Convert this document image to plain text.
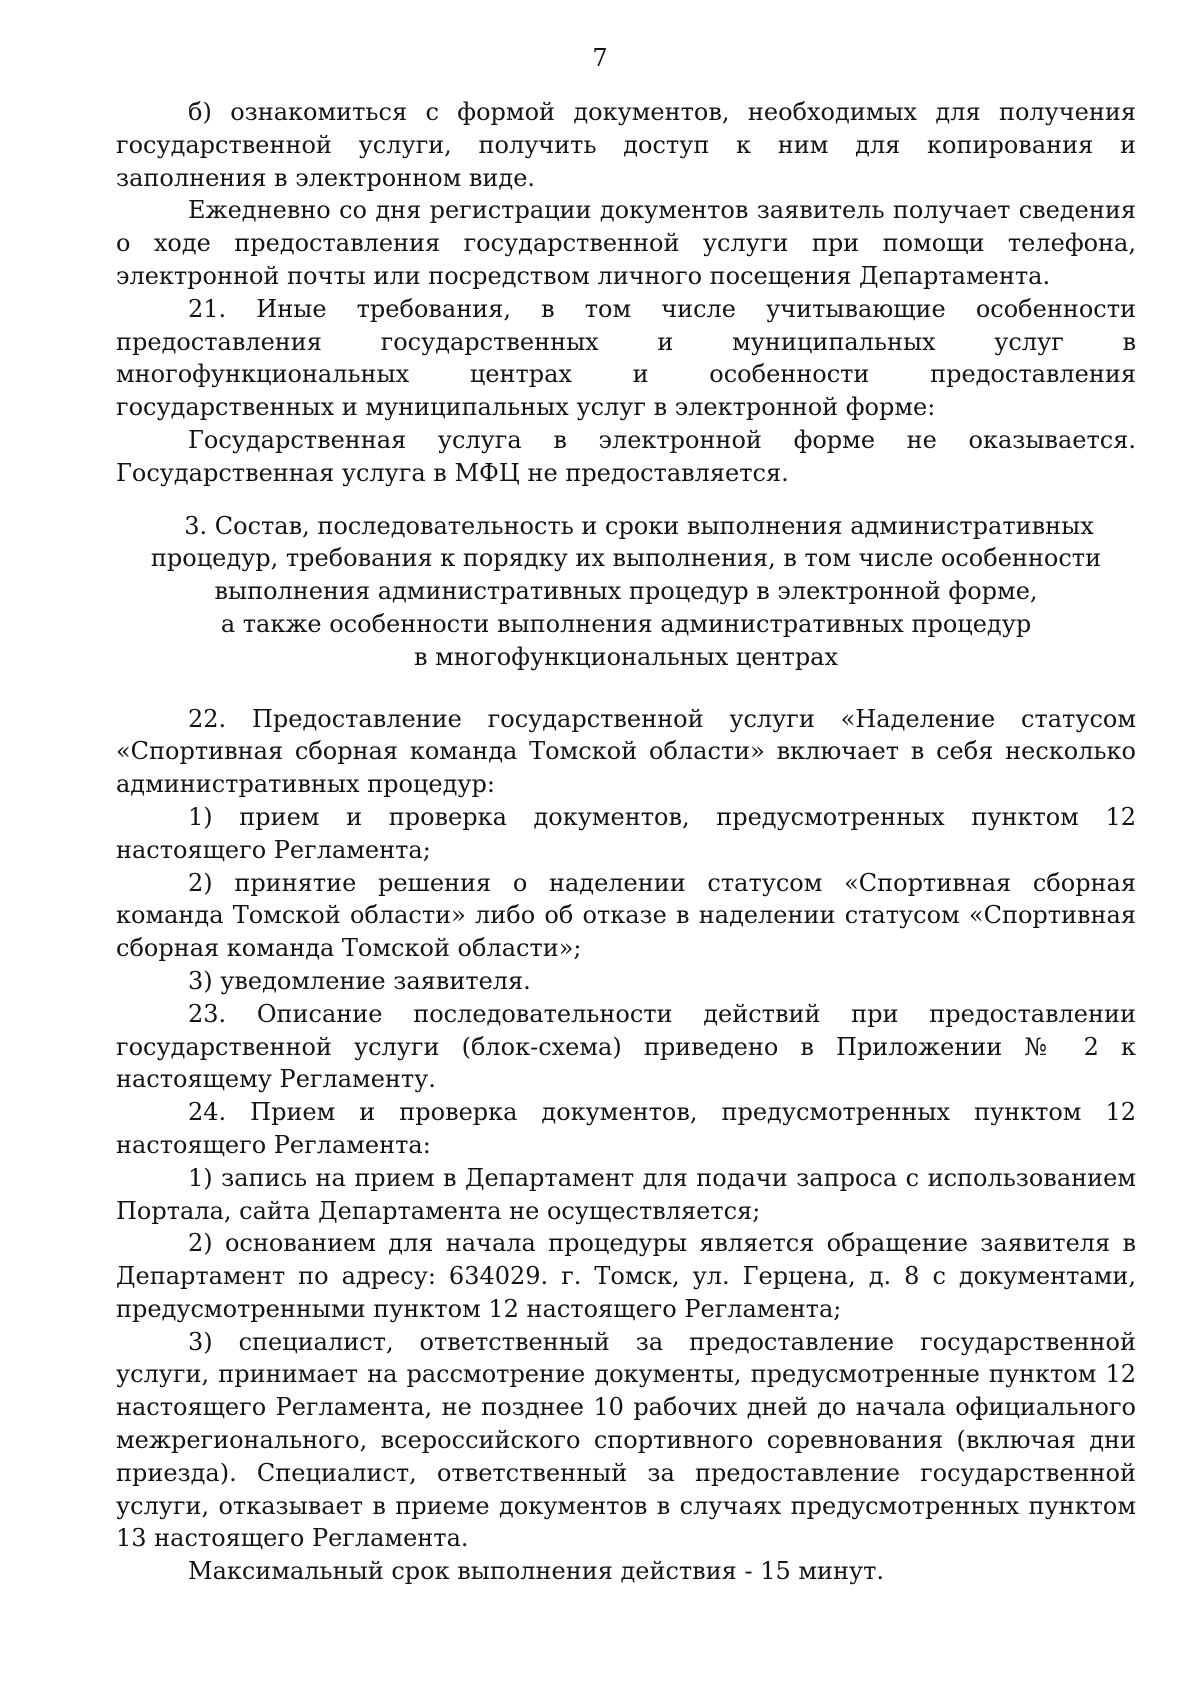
7

б) ознакомиться с формой документов, необходимых для получения государственной услуги, получить доступ к ним для копирования и заполнения в электронном виде.

Ежедневно со дня регистрации документов заявитель получает сведения о ходе предоставления государственной услуги при помощи телефона, электронной почты или посредством личного посещения Департамента.

21. Иные требования, в том числе учитывающие особенности предоставления государственных и муниципальных услуг в многофункциональных центрах и особенности предоставления государственных и муниципальных услуг в электронной форме:

Государственная услуга в электронной форме не оказывается. Государственная услуга в МФЦ не предоставляется.

3. Состав, последовательность и сроки выполнения административных
процедур, требования к порядку их выполнения, в том числе особенности
выполнения административных процедур в электронной форме,
а также особенности выполнения административных процедур
в многофункциональных центрах

22. Предоставление государственной услуги «Наделение статусом «Спортивная сборная команда Томской области» включает в себя несколько административных процедур:

1) прием и проверка документов, предусмотренных пунктом 12 настоящего Регламента;

2) принятие решения о наделении статусом «Спортивная сборная команда Томской области» либо об отказе в наделении статусом «Спортивная сборная команда Томской области»;

3) уведомление заявителя.

23. Описание последовательности действий при предоставлении государственной услуги (блок-схема) приведено в Приложении № 2 к настоящему Регламенту.

24. Прием и проверка документов, предусмотренных пунктом 12 настоящего Регламента:

1) запись на прием в Департамент для подачи запроса с использованием Портала, сайта Департамента не осуществляется;

2) основанием для начала процедуры является обращение заявителя в Департамент по адресу: 634029. г. Томск, ул. Герцена, д. 8 с документами, предусмотренными пунктом 12 настоящего Регламента;

3) специалист, ответственный за предоставление государственной услуги, принимает на рассмотрение документы, предусмотренные пунктом 12 настоящего Регламента, не позднее 10 рабочих дней до начала официального межрегионального, всероссийского спортивного соревнования (включая дни приезда). Специалист, ответственный за предоставление государственной услуги, отказывает в приеме документов в случаях предусмотренных пунктом 13 настоящего Регламента.

Максимальный срок выполнения действия - 15 минут.
